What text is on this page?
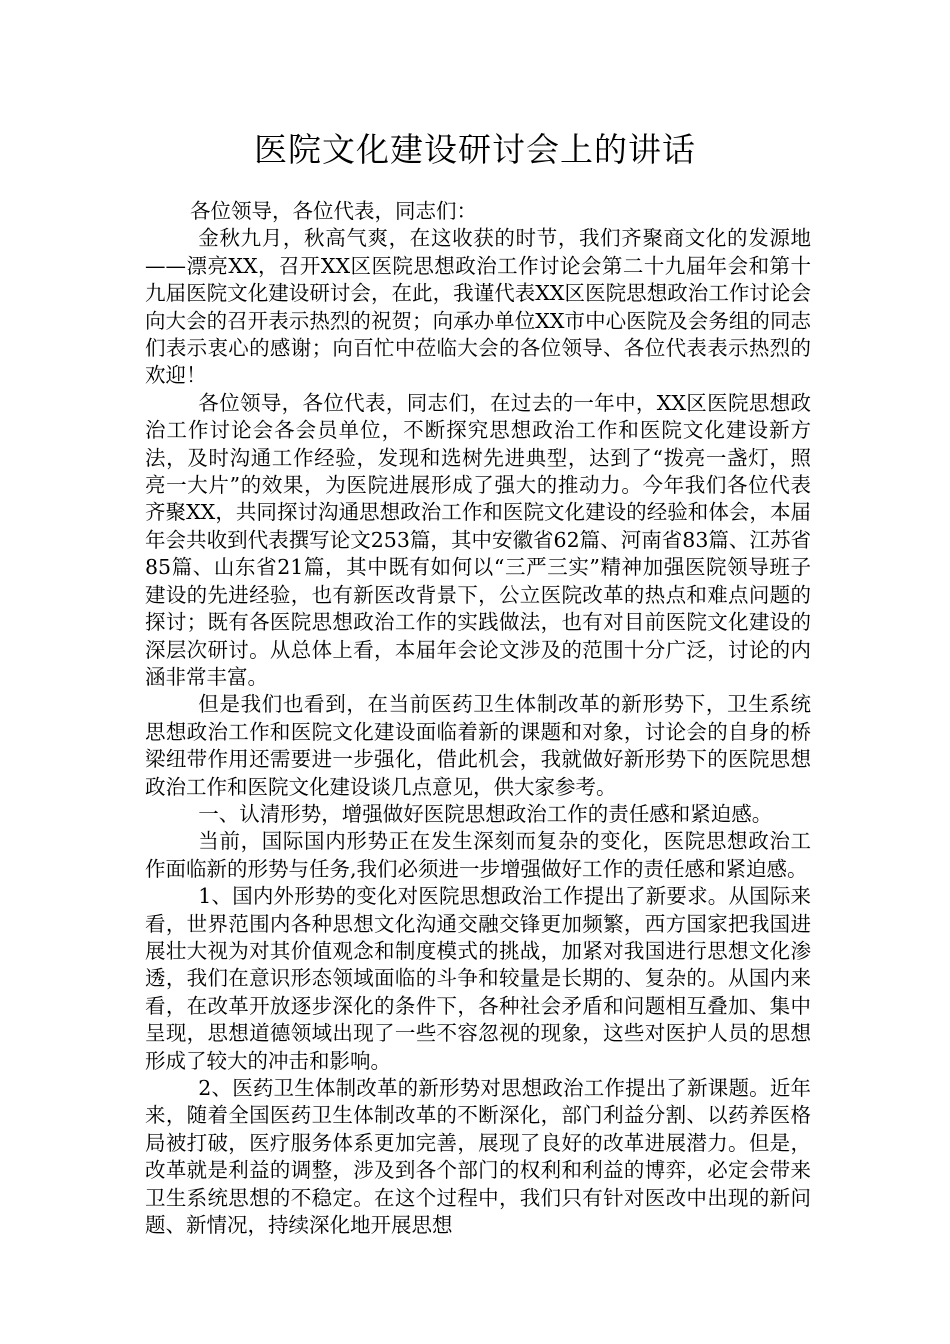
医院文化建设研讨会上的讲话

各位领导，各位代表，同志们：

金秋九月，秋高气爽，在这收获的时节，我们齐聚商文化的发源地——漂亮XX，召开XX区医院思想政治工作讨论会第二十九届年会和第十九届医院文化建设研讨会，在此，我谨代表XX区医院思想政治工作讨论会向大会的召开表示热烈的祝贺；向承办单位XX市中心医院及会务组的同志们表示衷心的感谢；向百忙中莅临大会的各位领导、各位代表表示热烈的欢迎！

各位领导，各位代表，同志们，在过去的一年中，XX区医院思想政治工作讨论会各会员单位，不断探究思想政治工作和医院文化建设新方法，及时沟通工作经验，发现和选树先进典型，达到了“拨亮一盏灯，照亮一大片”的效果，为医院进展形成了强大的推动力。今年我们各位代表齐聚XX，共同探讨沟通思想政治工作和医院文化建设的经验和体会，本届年会共收到代表撰写论文253篇，其中安徽省62篇、河南省83篇、江苏省85篇、山东省21篇，其中既有如何以“三严三实”精神加强医院领导班子建设的先进经验，也有新医改背景下，公立医院改革的热点和难点问题的探讨；既有各医院思想政治工作的实践做法，也有对目前医院文化建设的深层次研讨。从总体上看，本届年会论文涉及的范围十分广泛，讨论的内涵非常丰富。

但是我们也看到，在当前医药卫生体制改革的新形势下，卫生系统思想政治工作和医院文化建设面临着新的课题和对象，讨论会的自身的桥梁纽带作用还需要进一步强化，借此机会，我就做好新形势下的医院思想政治工作和医院文化建设谈几点意见，供大家参考。

一、认清形势，增强做好医院思想政治工作的责任感和紧迫感。

当前，国际国内形势正在发生深刻而复杂的变化，医院思想政治工作面临新的形势与任务,我们必须进一步增强做好工作的责任感和紧迫感。

1、国内外形势的变化对医院思想政治工作提出了新要求。从国际来看，世界范围内各种思想文化沟通交融交锋更加频繁，西方国家把我国进展壮大视为对其价值观念和制度模式的挑战，加紧对我国进行思想文化渗透，我们在意识形态领域面临的斗争和较量是长期的、复杂的。从国内来看，在改革开放逐步深化的条件下，各种社会矛盾和问题相互叠加、集中呈现，思想道德领域出现了一些不容忽视的现象，这些对医护人员的思想形成了较大的冲击和影响。

2、医药卫生体制改革的新形势对思想政治工作提出了新课题。近年来，随着全国医药卫生体制改革的不断深化，部门利益分割、以药养医格局被打破，医疗服务体系更加完善，展现了良好的改革进展潜力。但是，改革就是利益的调整，涉及到各个部门的权利和利益的博弈，必定会带来卫生系统思想的不稳定。在这个过程中，我们只有针对医改中出现的新问题、新情况，持续深化地开展思想
